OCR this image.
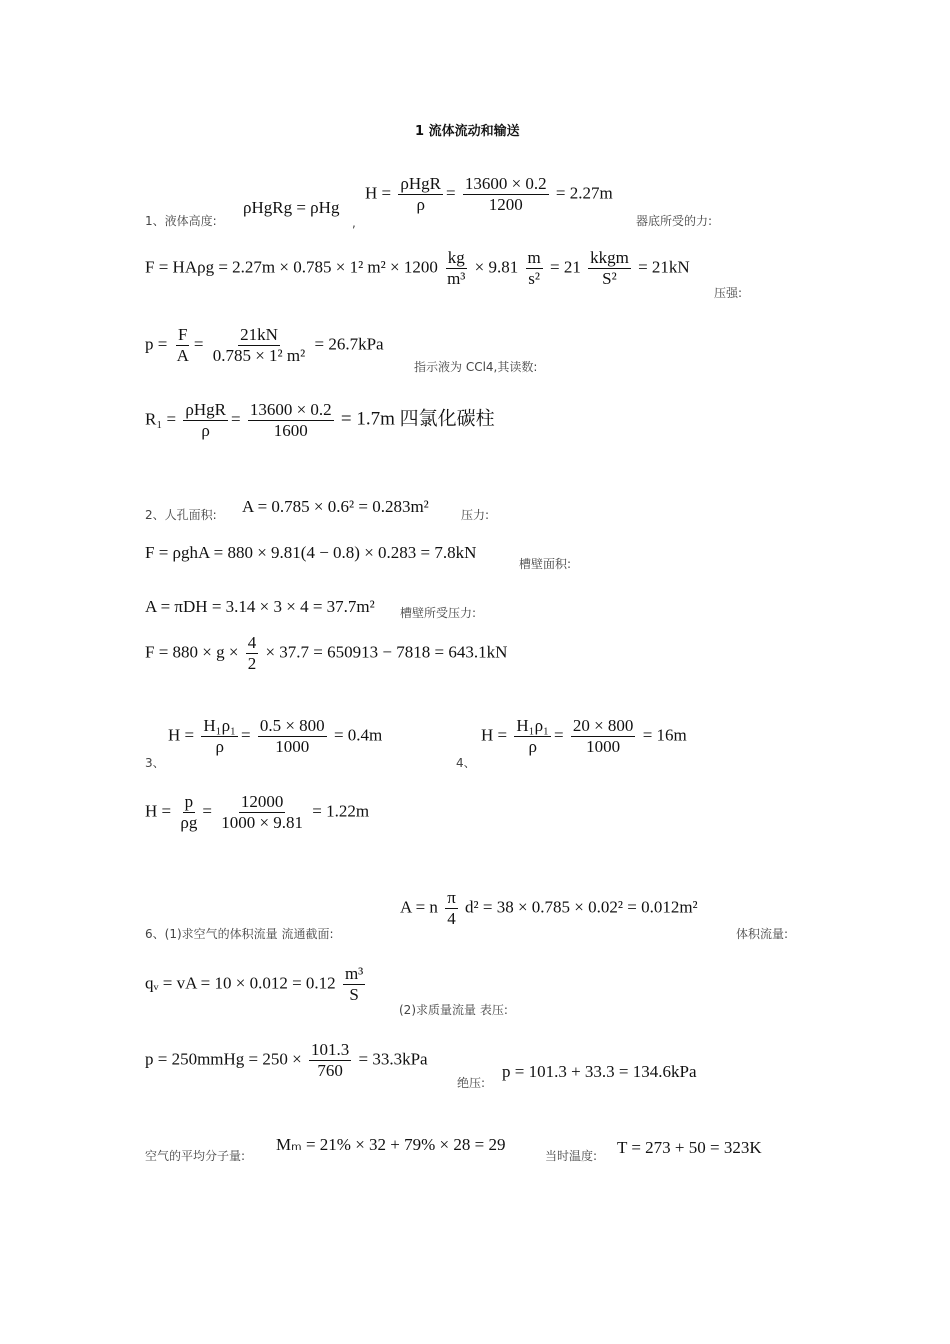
1 流体流动和输送
1、液体高度:
ρHgRg = ρHg
,
$H = \frac{\text{ρHgR}}{\rho} = \frac{13600 \times 0.2}{1200} = 2.27m$
器底所受的力:
F = HAρg = 2.27m × 0.785 × 1² $m^2 \times 1200 \frac{kg}{\text{m³}} \times 9.81 \frac{m}{\text{s²}} = 21 \frac{\text{kkgm}}{\text{S²}} = 21kN$
压强:
$p = \frac{F}{A} = \frac{21kN}{\text{0.785 × 1² m²}} = 26.7kPa$
指示液为 CCl4,其读数:
$R_1 = \frac{\text{ρHgR}}{\rho} = \frac{13600 \times 0.2}{1600} = 1.7m$ 四氯化碳柱
2、人孔面积: A = 0.785 × 0.6² = 0.283m²	压力:
F = ρghA = 880 × 9.81(4 − 0.8) × 0.283 = 7.8kN
槽壁面积:
A = πDH = 3.14 × 3 × 4 = 37.7m² 槽壁所受压力:
$F = 880 \times g \times \frac{4}{2} \times 37.7 = 650913 - 7818 = 643.1kN$
3、
$H = \frac{\text{H₁ρ₁}}{\rho} = \frac{0.5 \times 800}{1000} = 0.4m$
4、
$H = \frac{\text{H₁ρ₁}}{\rho} = \frac{20 \times 800}{1000} = 16m$
$H = \frac{p}{\rho g} = \frac{12000}{1000 \times 9.81} = 1.22m$
6、(1)求空气的体积流量 流通截面:
A = n $\frac{\pi}{4} d^2 = 38 \times 0.785 \times 0.02^2 = 0.012m^2$
体积流量:
qᵥ = vA = $10 \times 0.012 = 0.12 \frac{\text{m³}}{S}$
(2)求质量流量 表压:
p = 250mmHg = $250 \times \frac{101.3}{760} = 33.3kPa$
绝压:
p = 101.3 + 33.3 = 134.6kPa
空气的平均分子量:
Mₘ = 21% × 32 + 79% × 28 = 29
当时温度: T = 273 + 50 = 323K
